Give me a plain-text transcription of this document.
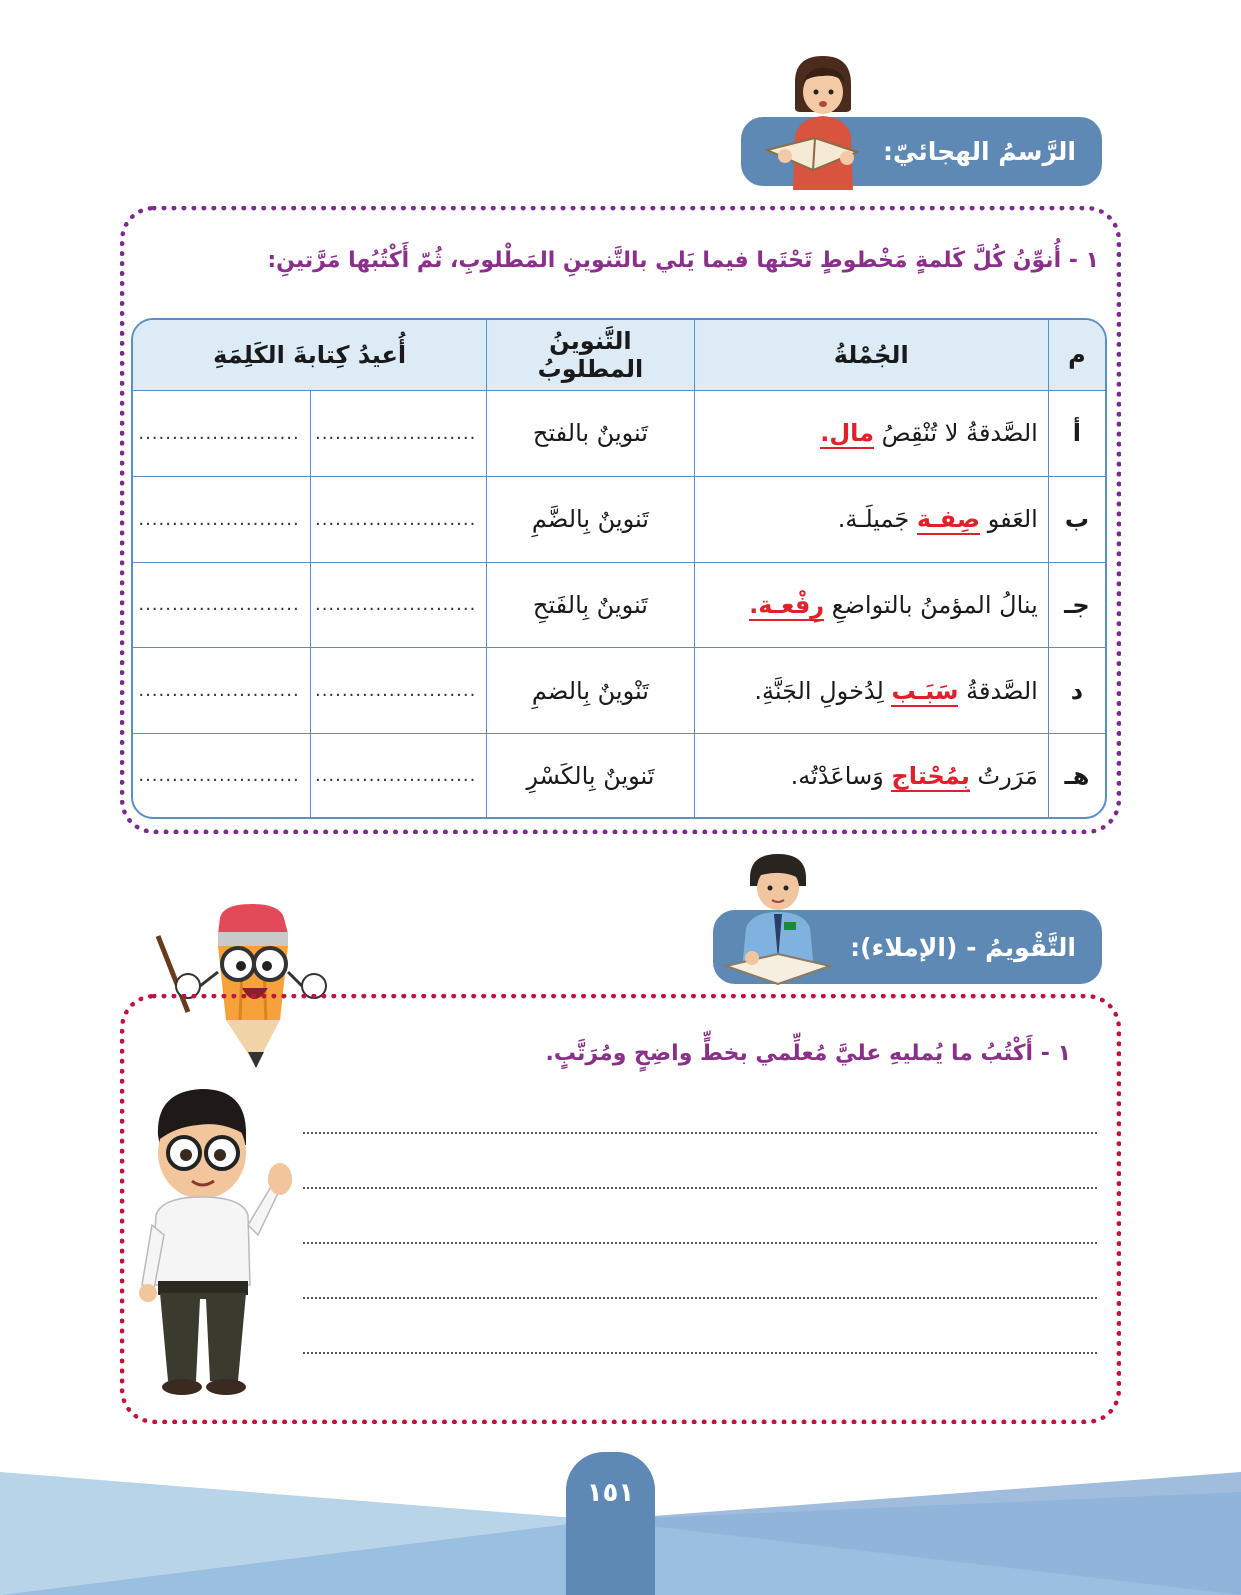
الرَّسمُ الهجائيّ:
١ - أُنوِّنُ كُلَّ كَلمةٍ مَخْطوطٍ تَحْتَها فيما يَلي بالتَّنوينِ المَطْلوبِ، ثُمّ أَكْتُبُها مَرَّتينِ:
م	الجُمْلةُ	التَّنوينُ المطلوبُ	أُعيدُ كِتابةَ الكَلِمَةِ	
أ	الصَّدقةُ لا تُنْقِصُ مال.	تَنوينٌ بالفتح	........................	........................
ب	العَفو صِفـة جَميلَـة.	تَنوينٌ بِالضَّمِ	........................	........................
جـ	ينالُ المؤمنُ بالتواضعِ رِفْعـة.	تَنوينٌ بِالفَتحِ	........................	........................
د	الصَّدقةُ سَبَـب لِدُخولِ الجَنَّةِ.	تَنْوينٌ بِالضمِ	........................	........................
هـ	مَرَرتُ بِمُحْتاج وَساعَدْتُه.	تَنوينٌ بِالكَسْرِ	........................	........................
التَّقْويمُ - (الإملاء):
١ - أَكْتُبُ ما يُمليهِ عليَّ مُعلِّمي بخطٍّ واضِحٍ ومُرَتَّبٍ.
١٥١
